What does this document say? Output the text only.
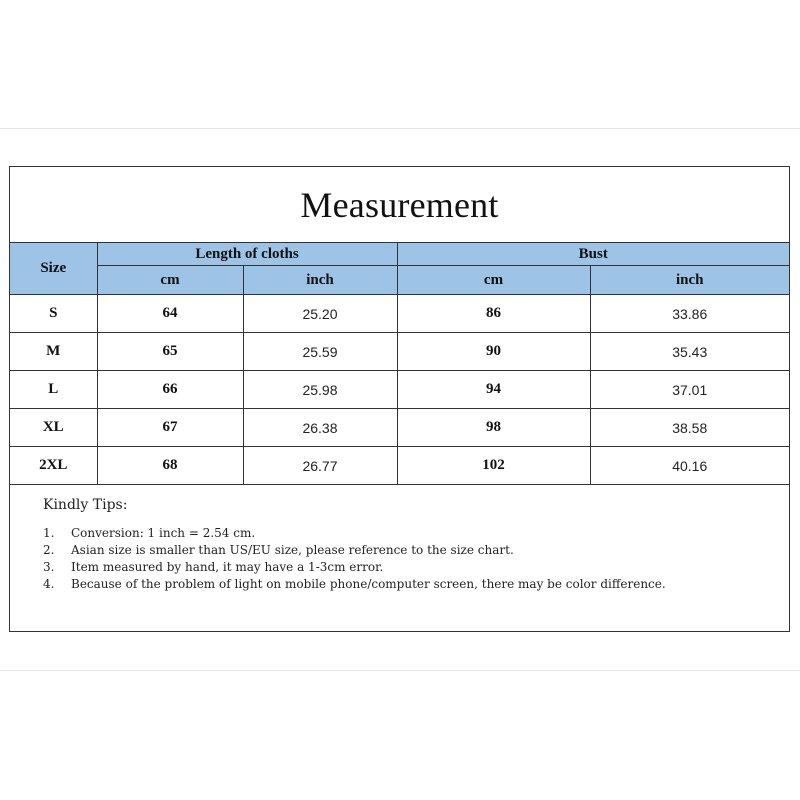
Measurement
Size	Length of cloths		Bust	
	cm	inch	cm	inch
S	64	25.20	86	33.86
M	65	25.59	90	35.43
L	66	25.98	94	37.01
XL	67	26.38	98	38.58
2XL	68	26.77	102	40.16
Kindly Tips:
1.	Conversion: 1 inch = 2.54 cm.
2.	Asian size is smaller than US/EU size, please reference to the size chart.
3.	Item measured by hand, it may have a 1-3cm error.
4.	Because of the problem of light on mobile phone/computer screen, there may be color difference.
